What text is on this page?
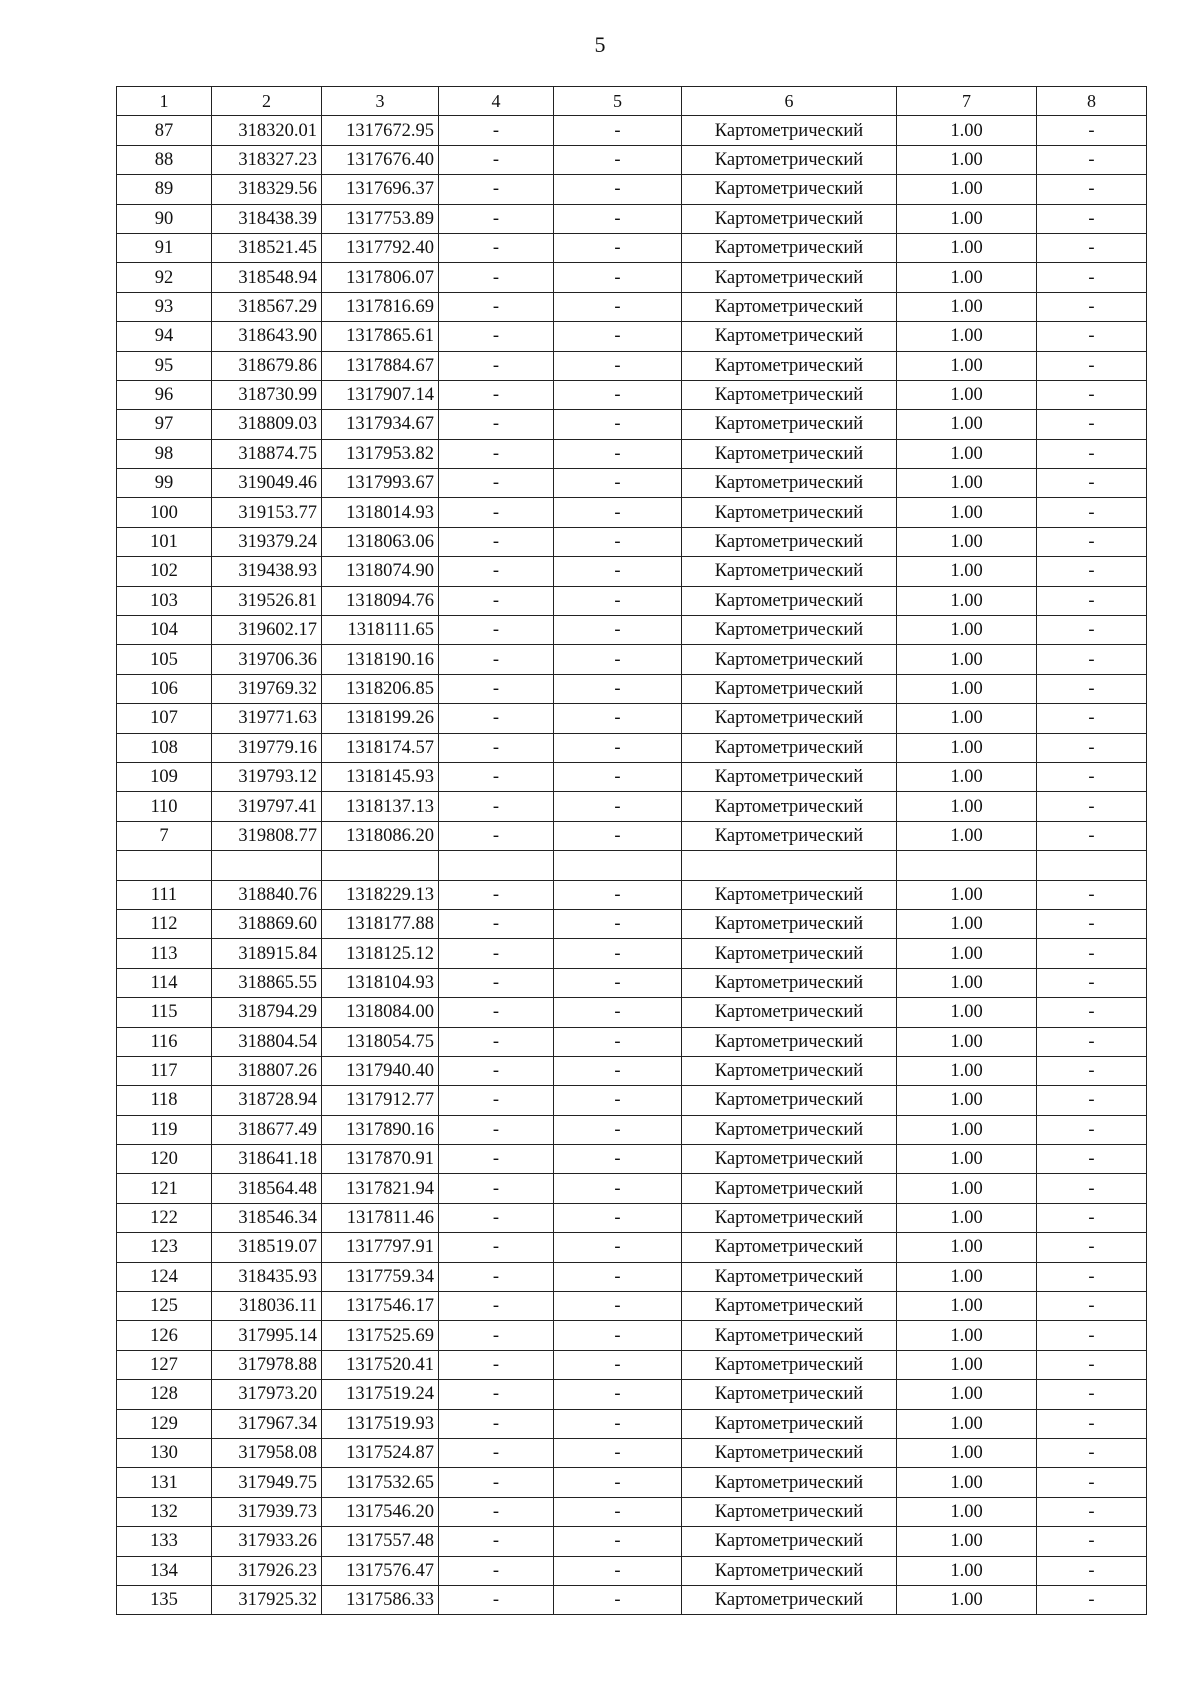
5
1	2	3	4	5	6	7	8
87	318320.01	1317672.95	-	-	Картометрический	1.00	-
88	318327.23	1317676.40	-	-	Картометрический	1.00	-
89	318329.56	1317696.37	-	-	Картометрический	1.00	-
90	318438.39	1317753.89	-	-	Картометрический	1.00	-
91	318521.45	1317792.40	-	-	Картометрический	1.00	-
92	318548.94	1317806.07	-	-	Картометрический	1.00	-
93	318567.29	1317816.69	-	-	Картометрический	1.00	-
94	318643.90	1317865.61	-	-	Картометрический	1.00	-
95	318679.86	1317884.67	-	-	Картометрический	1.00	-
96	318730.99	1317907.14	-	-	Картометрический	1.00	-
97	318809.03	1317934.67	-	-	Картометрический	1.00	-
98	318874.75	1317953.82	-	-	Картометрический	1.00	-
99	319049.46	1317993.67	-	-	Картометрический	1.00	-
100	319153.77	1318014.93	-	-	Картометрический	1.00	-
101	319379.24	1318063.06	-	-	Картометрический	1.00	-
102	319438.93	1318074.90	-	-	Картометрический	1.00	-
103	319526.81	1318094.76	-	-	Картометрический	1.00	-
104	319602.17	1318111.65	-	-	Картометрический	1.00	-
105	319706.36	1318190.16	-	-	Картометрический	1.00	-
106	319769.32	1318206.85	-	-	Картометрический	1.00	-
107	319771.63	1318199.26	-	-	Картометрический	1.00	-
108	319779.16	1318174.57	-	-	Картометрический	1.00	-
109	319793.12	1318145.93	-	-	Картометрический	1.00	-
110	319797.41	1318137.13	-	-	Картометрический	1.00	-
7	319808.77	1318086.20	-	-	Картометрический	1.00	-

111	318840.76	1318229.13	-	-	Картометрический	1.00	-
112	318869.60	1318177.88	-	-	Картометрический	1.00	-
113	318915.84	1318125.12	-	-	Картометрический	1.00	-
114	318865.55	1318104.93	-	-	Картометрический	1.00	-
115	318794.29	1318084.00	-	-	Картометрический	1.00	-
116	318804.54	1318054.75	-	-	Картометрический	1.00	-
117	318807.26	1317940.40	-	-	Картометрический	1.00	-
118	318728.94	1317912.77	-	-	Картометрический	1.00	-
119	318677.49	1317890.16	-	-	Картометрический	1.00	-
120	318641.18	1317870.91	-	-	Картометрический	1.00	-
121	318564.48	1317821.94	-	-	Картометрический	1.00	-
122	318546.34	1317811.46	-	-	Картометрический	1.00	-
123	318519.07	1317797.91	-	-	Картометрический	1.00	-
124	318435.93	1317759.34	-	-	Картометрический	1.00	-
125	318036.11	1317546.17	-	-	Картометрический	1.00	-
126	317995.14	1317525.69	-	-	Картометрический	1.00	-
127	317978.88	1317520.41	-	-	Картометрический	1.00	-
128	317973.20	1317519.24	-	-	Картометрический	1.00	-
129	317967.34	1317519.93	-	-	Картометрический	1.00	-
130	317958.08	1317524.87	-	-	Картометрический	1.00	-
131	317949.75	1317532.65	-	-	Картометрический	1.00	-
132	317939.73	1317546.20	-	-	Картометрический	1.00	-
133	317933.26	1317557.48	-	-	Картометрический	1.00	-
134	317926.23	1317576.47	-	-	Картометрический	1.00	-
135	317925.32	1317586.33	-	-	Картометрический	1.00	-
